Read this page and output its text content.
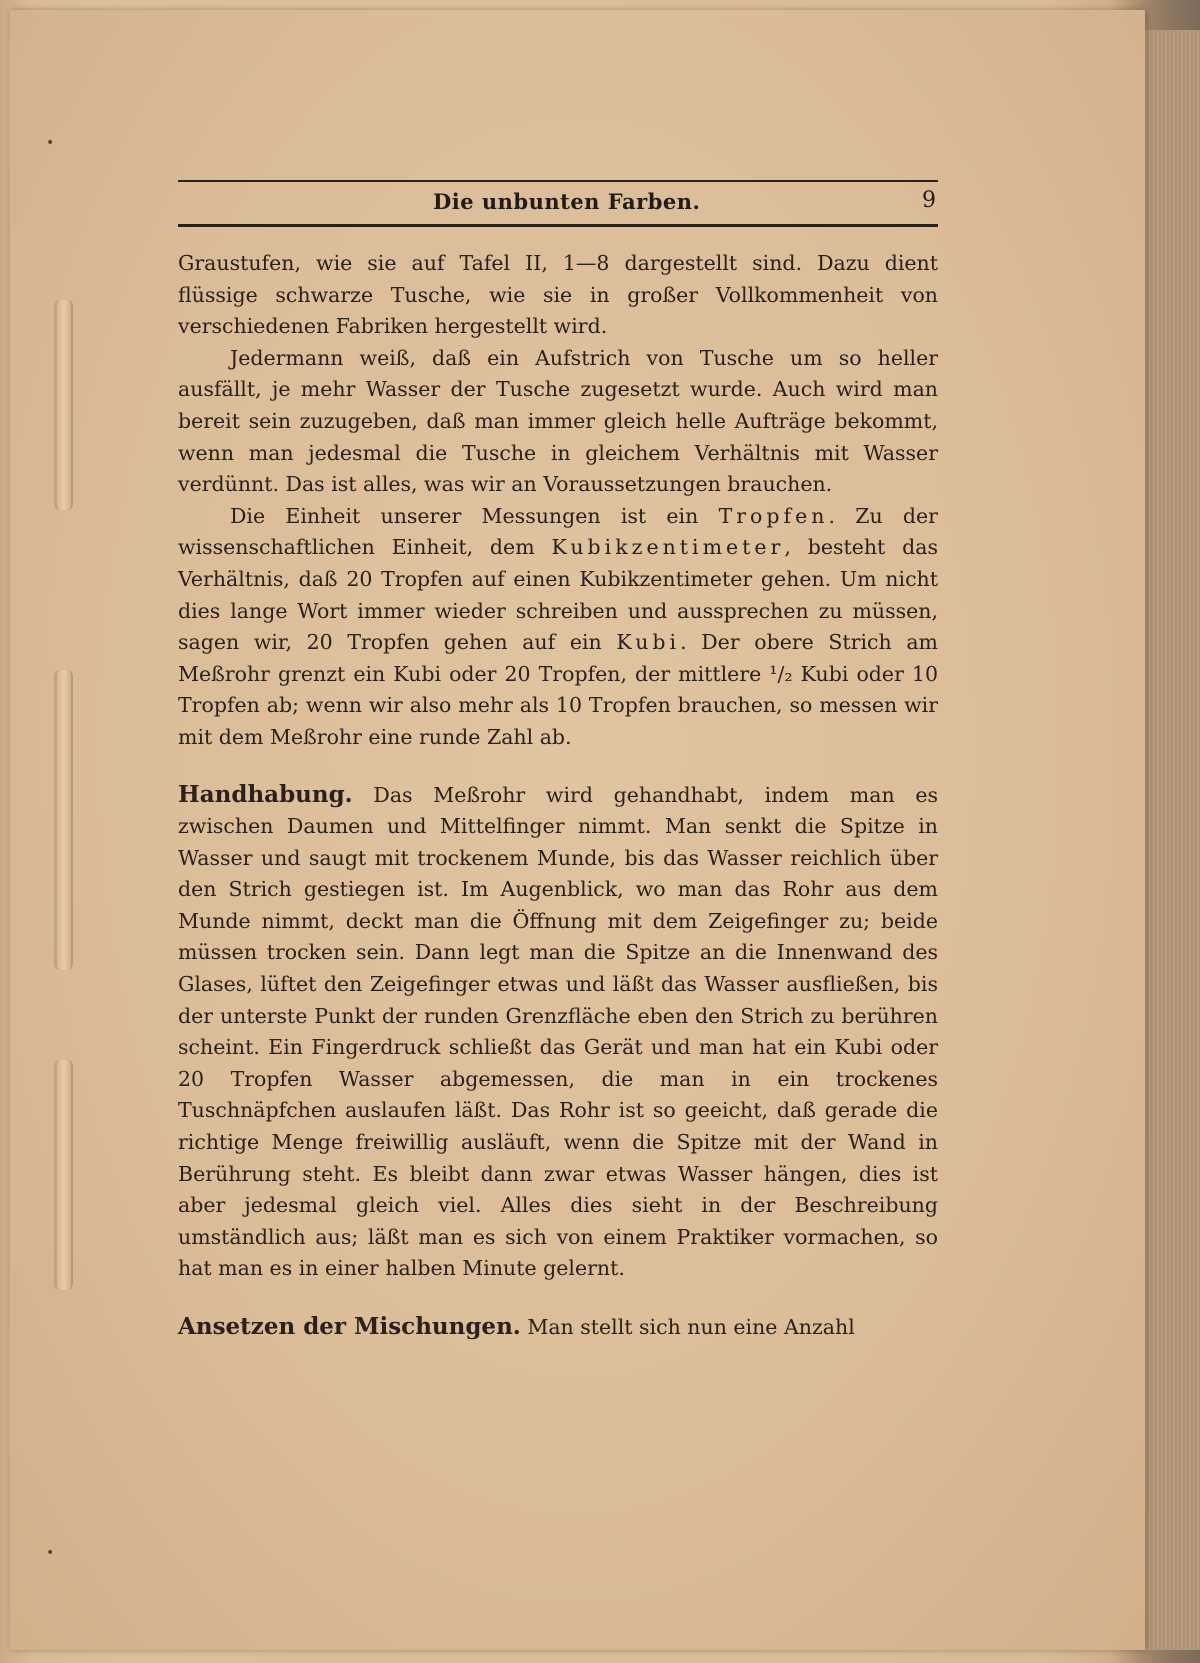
•
•
Die unbunten Farben.	9

Graustufen, wie sie auf Tafel II, 1—8 dargestellt sind. Dazu dient flüssige schwarze Tusche, wie sie in großer Vollkommenheit von verschiedenen Fabriken hergestellt wird.

Jedermann weiß, daß ein Aufstrich von Tusche um so heller ausfällt, je mehr Wasser der Tusche zugesetzt wurde. Auch wird man bereit sein zuzugeben, daß man immer gleich helle Aufträge bekommt, wenn man jedesmal die Tusche in gleichem Verhältnis mit Wasser verdünnt. Das ist alles, was wir an Voraussetzungen brauchen.

Die Einheit unserer Messungen ist ein Tropfen. Zu der wissenschaftlichen Einheit, dem Kubikzentimeter, besteht das Verhältnis, daß 20 Tropfen auf einen Kubikzentimeter gehen. Um nicht dies lange Wort immer wieder schreiben und aussprechen zu müssen, sagen wir, 20 Tropfen gehen auf ein Kubi. Der obere Strich am Meßrohr grenzt ein Kubi oder 20 Tropfen, der mittlere ¹/₂ Kubi oder 10 Tropfen ab; wenn wir also mehr als 10 Tropfen brauchen, so messen wir mit dem Meßrohr eine runde Zahl ab.

Handhabung. Das Meßrohr wird gehandhabt, indem man es zwischen Daumen und Mittelfinger nimmt. Man senkt die Spitze in Wasser und saugt mit trockenem Munde, bis das Wasser reichlich über den Strich gestiegen ist. Im Augenblick, wo man das Rohr aus dem Munde nimmt, deckt man die Öffnung mit dem Zeigefinger zu; beide müssen trocken sein. Dann legt man die Spitze an die Innenwand des Glases, lüftet den Zeigefinger etwas und läßt das Wasser ausfließen, bis der unterste Punkt der runden Grenzfläche eben den Strich zu berühren scheint. Ein Fingerdruck schließt das Gerät und man hat ein Kubi oder 20 Tropfen Wasser abgemessen, die man in ein trockenes Tuschnäpfchen auslaufen läßt. Das Rohr ist so geeicht, daß gerade die richtige Menge freiwillig ausläuft, wenn die Spitze mit der Wand in Berührung steht. Es bleibt dann zwar etwas Wasser hängen, dies ist aber jedesmal gleich viel. Alles dies sieht in der Beschreibung umständlich aus; läßt man es sich von einem Praktiker vormachen, so hat man es in einer halben Minute gelernt.

Ansetzen der Mischungen. Man stellt sich nun eine Anzahl
